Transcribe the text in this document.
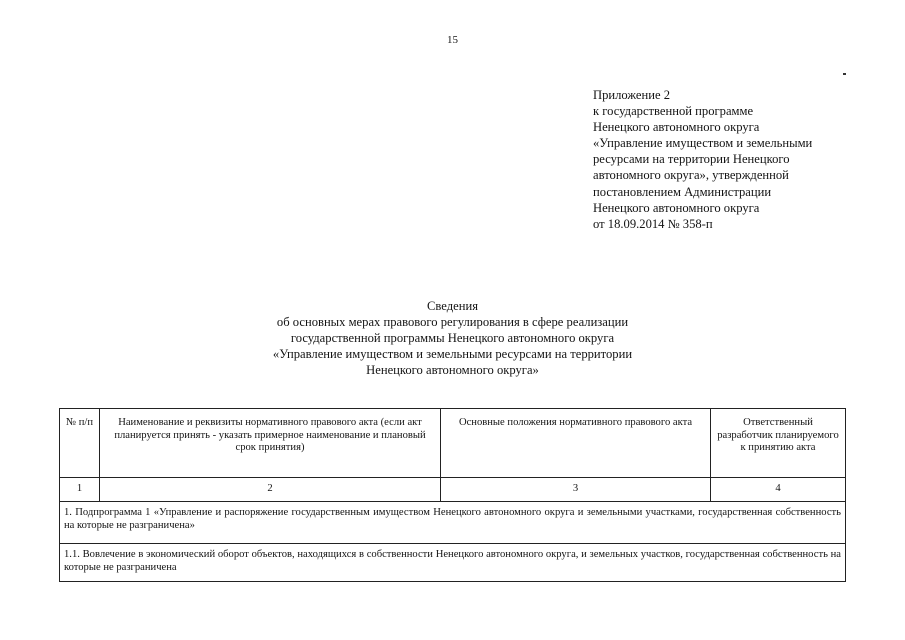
15
Приложение 2
к государственной программе
Ненецкого автономного округа
«Управление имуществом и земельными
ресурсами на территории Ненецкого
автономного округа», утвержденной
постановлением Администрации
Ненецкого автономного округа
от 18.09.2014 № 358-п
Сведения
об основных мерах правового регулирования в сфере реализации
государственной программы Ненецкого автономного округа
«Управление имуществом и земельными ресурсами на территории
Ненецкого автономного округа»
№ п/п	Наименование и реквизиты нормативного правового акта (если акт планируется принять - указать примерное наименование и плановый срок принятия)	Основные положения нормативного правового акта	Ответственный разработчик планируемого к принятию акта
1	2	3	4
1. Подпрограмма 1 «Управление и распоряжение государственным имуществом Ненецкого автономного округа и земельными участками, государственная собственность на которые не разграничена»			
1.1. Вовлечение в экономический оборот объектов, находящихся в собственности Ненецкого автономного округа, и земельных участков, государственная собственность на которые не разграничена			
